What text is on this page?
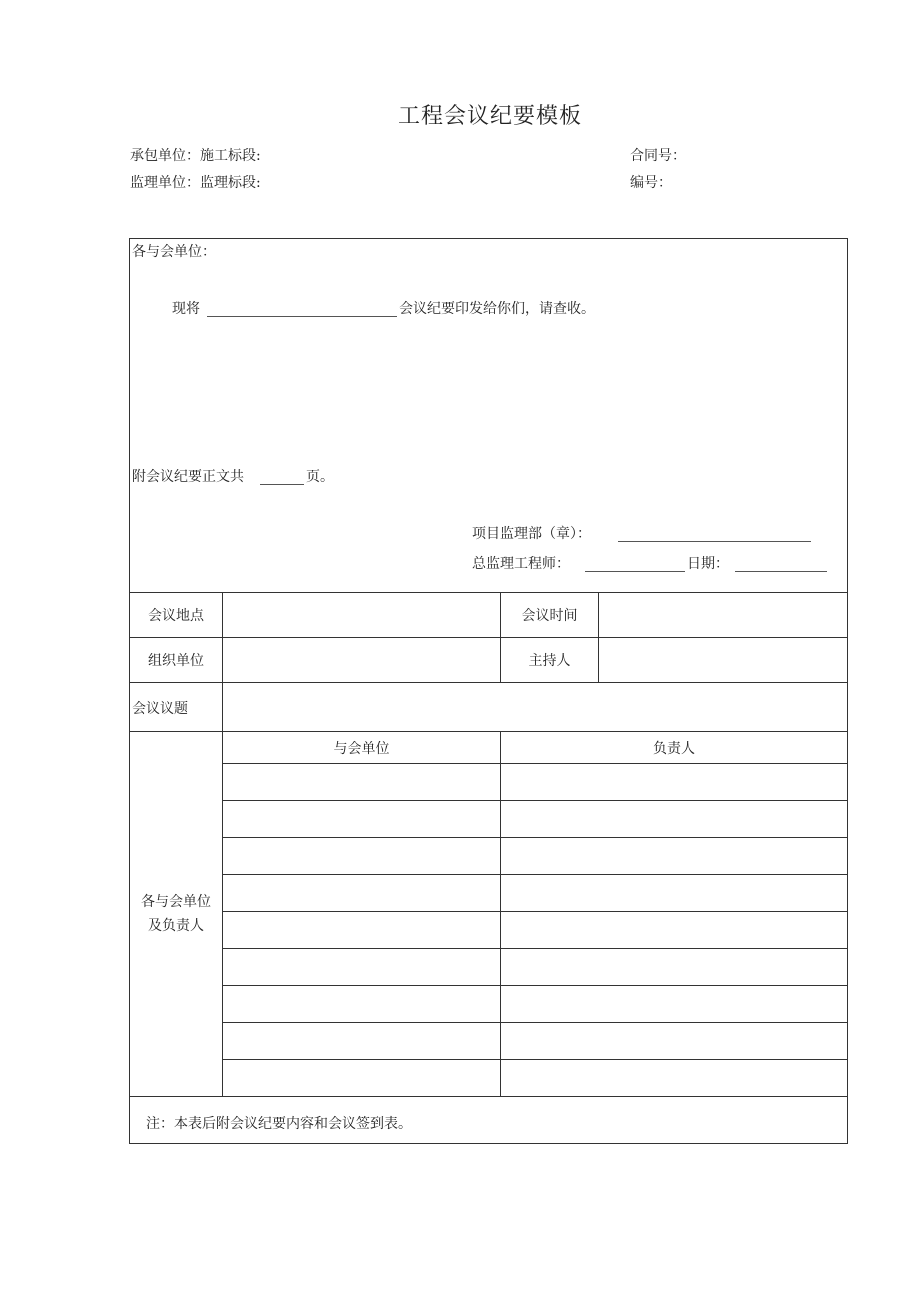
工程会议纪要模板
承包单位：施工标段:	合同号：
监理单位：监理标段:	编号：
各与会单位：
现将	会议纪要印发给你们，请查收。
附会议纪要正文共	页。
项目监理部（章）：
总监理工程师：	日期：
会议地点	会议时间
组织单位	主持人
会议议题
各与会单位
及负责人
与会单位	负责人
注：本表后附会议纪要内容和会议签到表。
